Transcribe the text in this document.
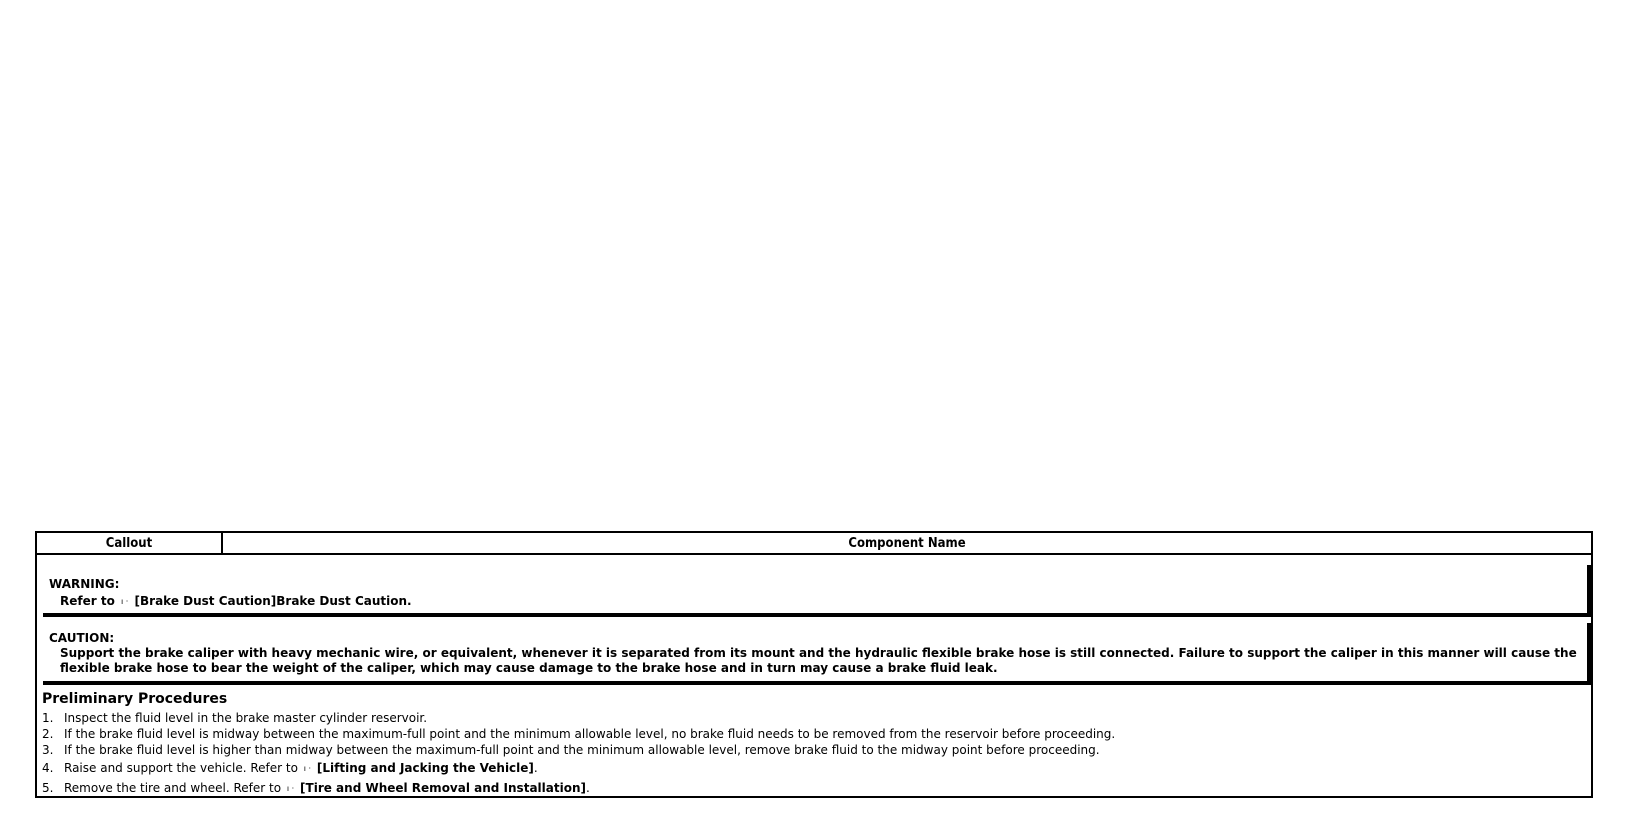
Callout	Component Name
WARNING:
Refer to ı · [Brake Dust Caution]Brake Dust Caution.
CAUTION:
Support the brake caliper with heavy mechanic wire, or equivalent, whenever it is separated from its mount and the hydraulic flexible brake hose is still connected. Failure to support the caliper in this manner will cause the flexible brake hose to bear the weight of the caliper, which may cause damage to the brake hose and in turn may cause a brake fluid leak.
Preliminary Procedures
1. Inspect the fluid level in the brake master cylinder reservoir.
2. If the brake fluid level is midway between the maximum-full point and the minimum allowable level, no brake fluid needs to be removed from the reservoir before proceeding.
3. If the brake fluid level is higher than midway between the maximum-full point and the minimum allowable level, remove brake fluid to the midway point before proceeding.
4. Raise and support the vehicle. Refer to ı · [Lifting and Jacking the Vehicle].
5. Remove the tire and wheel. Refer to ı · [Tire and Wheel Removal and Installation].
